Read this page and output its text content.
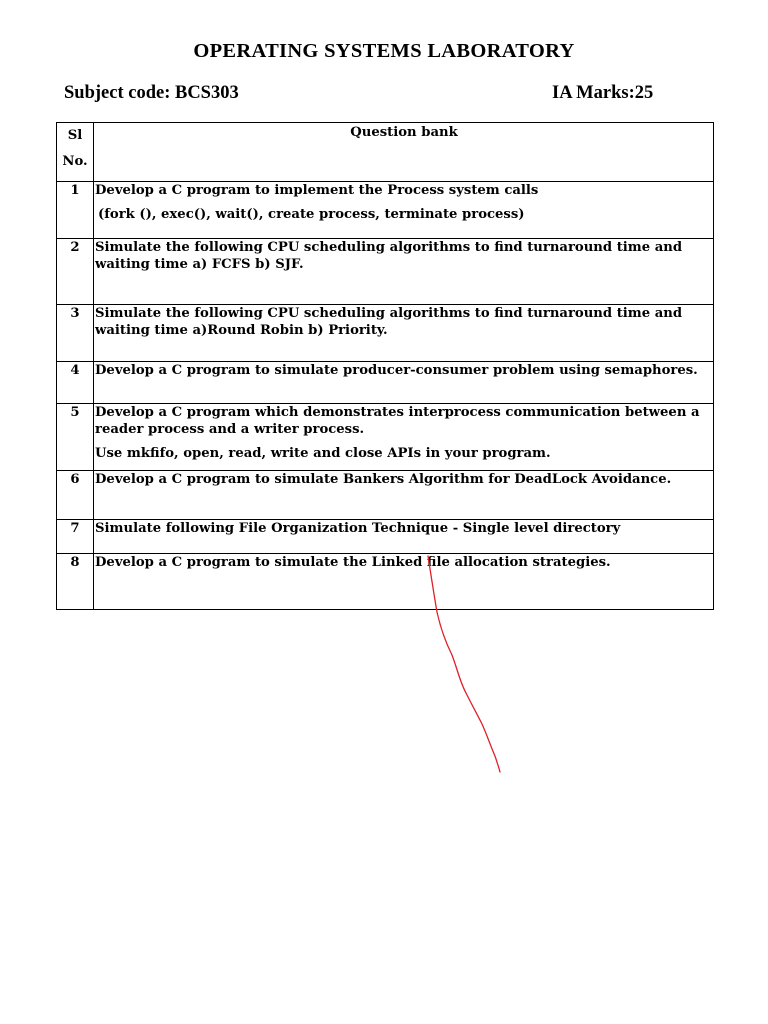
OPERATING SYSTEMS LABORATORY
Subject code: BCS303	IA Marks:25
Sl
No.	Question bank
1	Develop a C program to implement the Process system calls
(fork (), exec(), wait(), create process, terminate process)

2	Simulate the following CPU scheduling algorithms to find turnaround time and waiting time a) FCFS b) SJF.
3	Simulate the following CPU scheduling algorithms to find turnaround time and waiting time a)Round Robin b) Priority.
4	Develop a C program to simulate producer-consumer problem using semaphores.
5	Develop a C program which demonstrates interprocess communication between a reader process and a writer process.
Use mkfifo, open, read, write and close APIs in your program.

6	Develop a C program to simulate Bankers Algorithm for DeadLock Avoidance.
7	Simulate following File Organization Technique - Single level directory
8	Develop a C program to simulate the Linked file allocation strategies.
